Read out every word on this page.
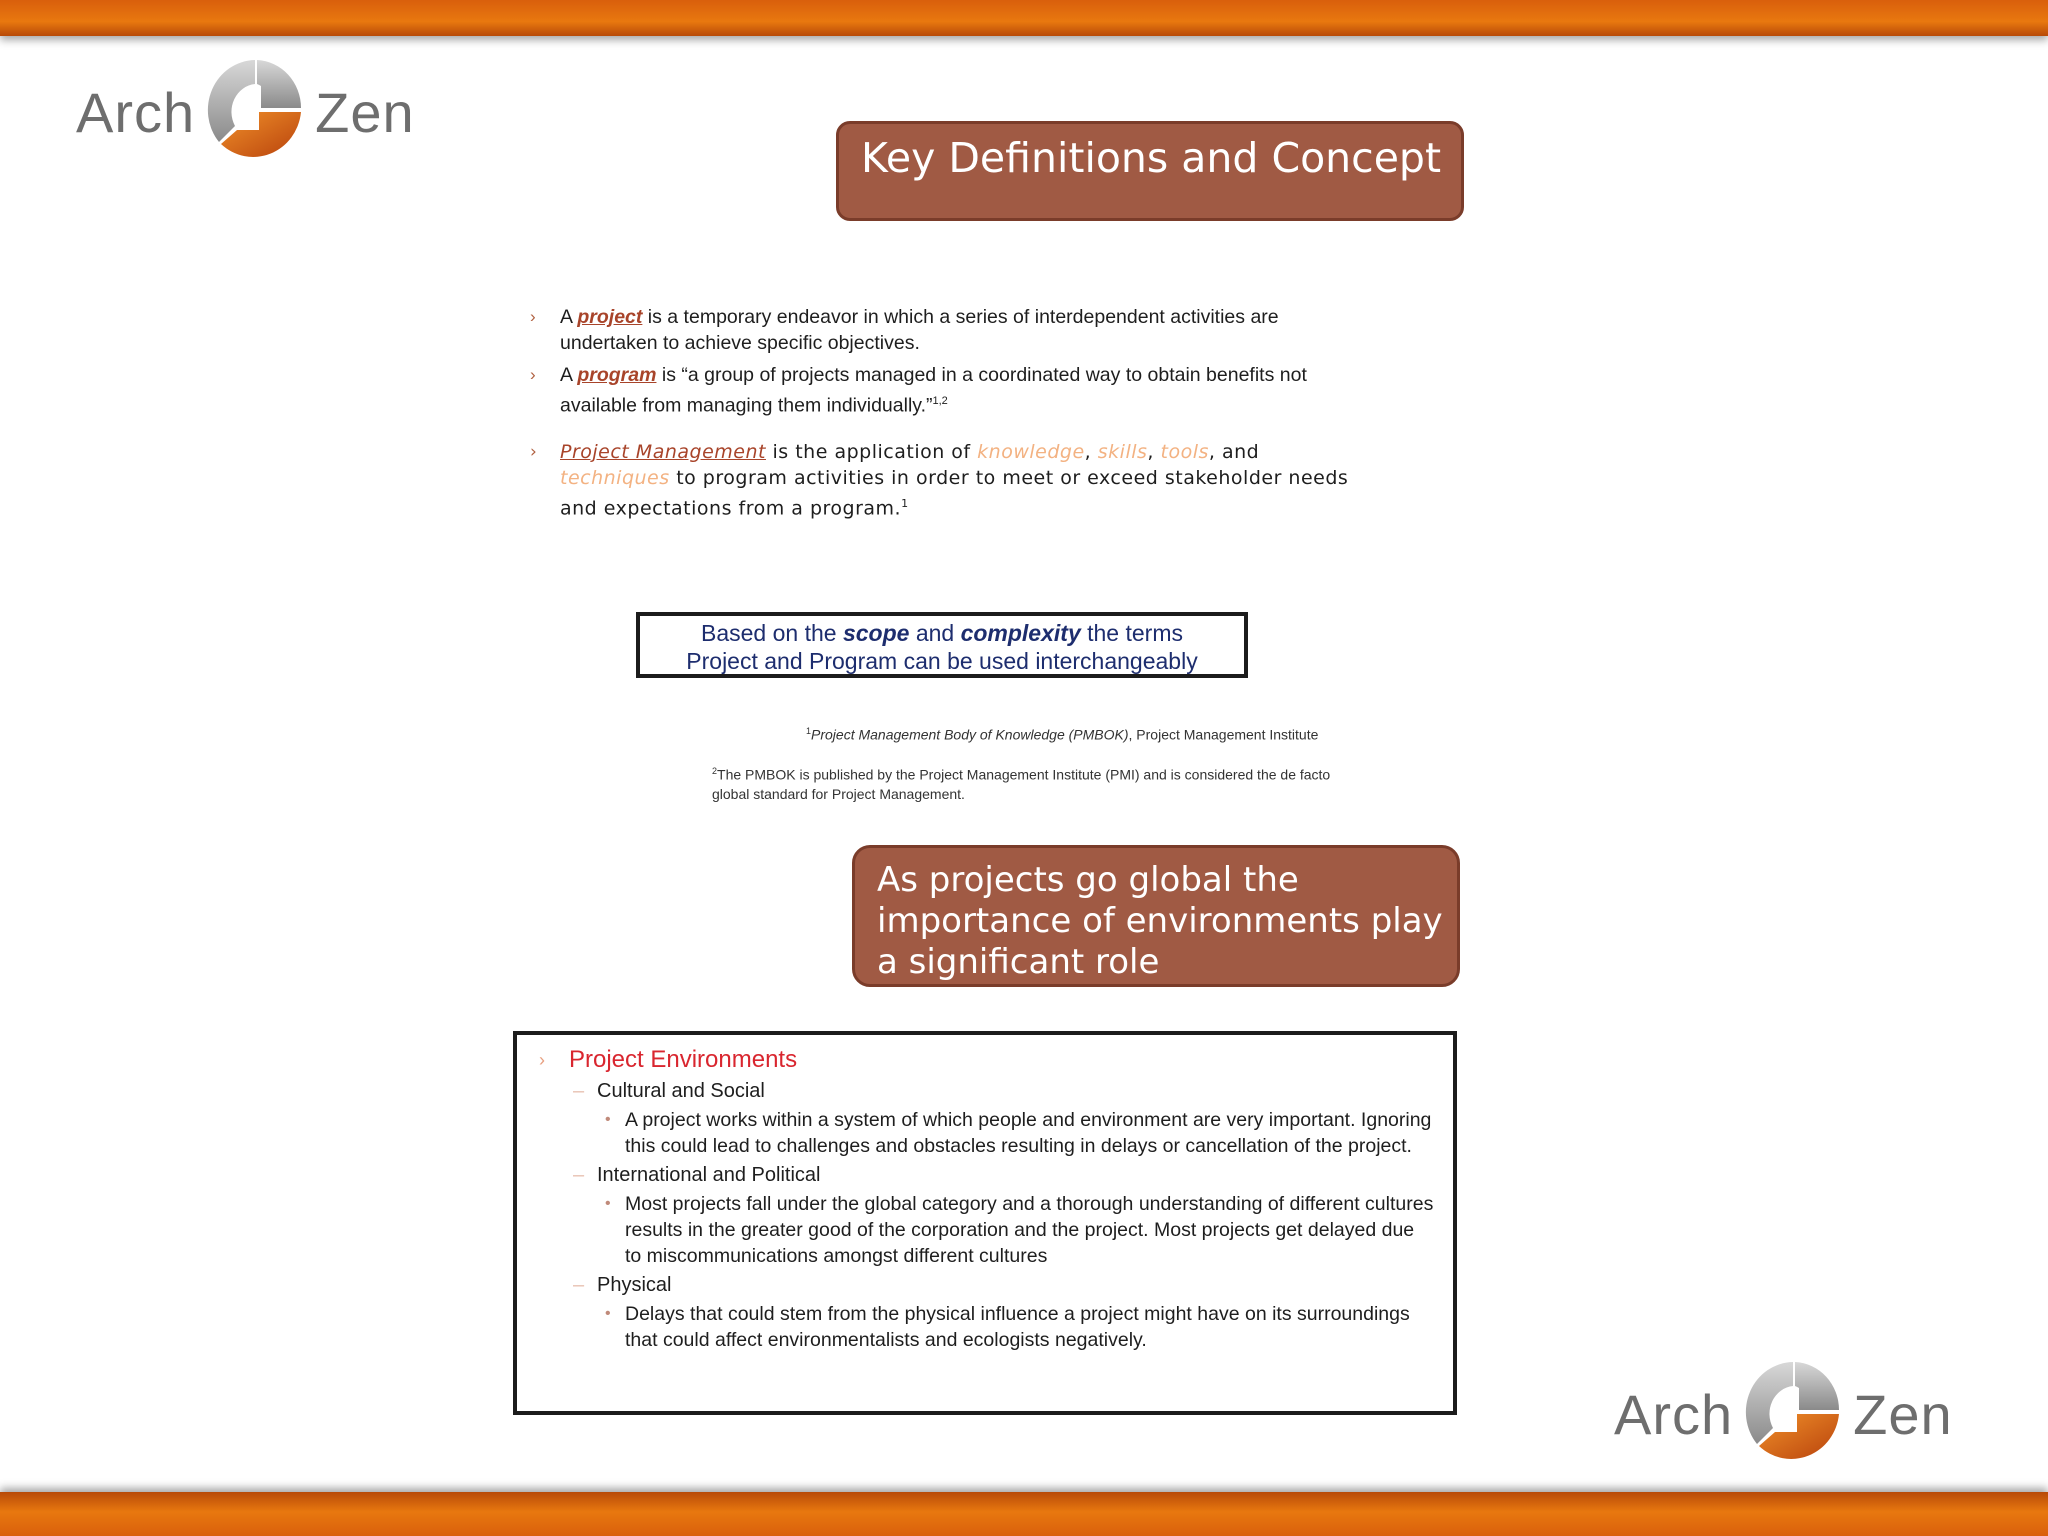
Arch Zen
Key Definitions and Concept
› A project is a temporary endeavor in which a series of interdependent activities are undertaken to achieve specific objectives.
› A program is “a group of projects managed in a coordinated way to obtain benefits not available from managing them individually.”$^{1,2}$
› Project Management is the application of knowledge, skills, tools, and techniques to program activities in order to meet or exceed stakeholder needs and expectations from a program.$^1$
Based on the scope and complexity the terms
Project and Program can be used interchangeably
$^1$Project Management Body of Knowledge (PMBOK), Project Management Institute
$^2$The PMBOK is published by the Project Management Institute (PMI) and is considered the de facto global standard for Project Management.
As projects go global the importance of environments play a significant role
› Project Environments
– Cultural and Social
• A project works within a system of which people and environment are very important. Ignoring this could lead to challenges and obstacles resulting in delays or cancellation of the project.
– International and Political
• Most projects fall under the global category and a thorough understanding of different cultures results in the greater good of the corporation and the project. Most projects get delayed due to miscommunications amongst different cultures
– Physical
• Delays that could stem from the physical influence a project might have on its surroundings that could affect environmentalists and ecologists negatively.
Arch Zen
